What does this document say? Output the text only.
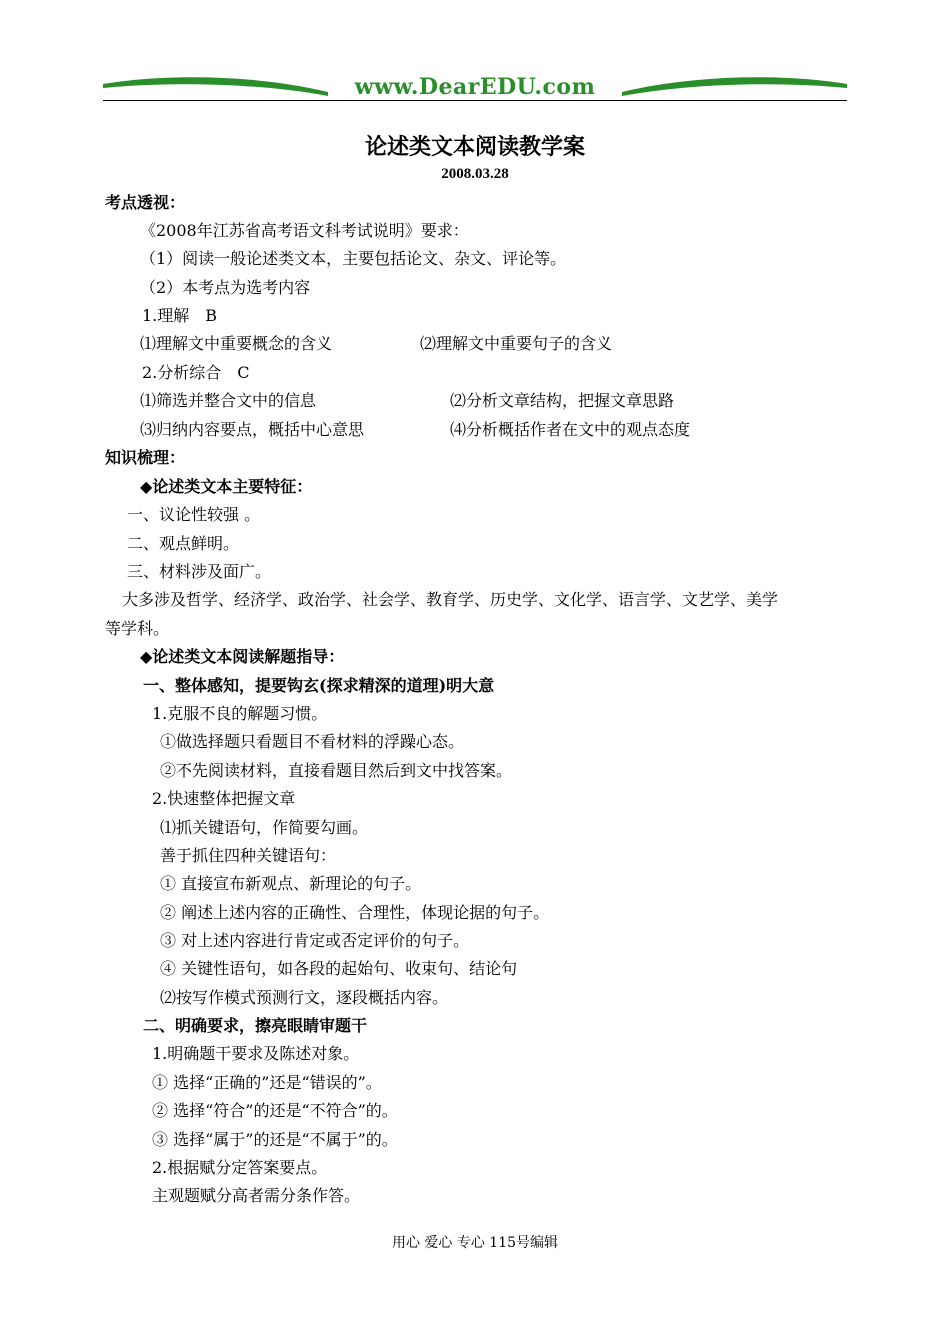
www.DearEDU.com
论述类文本阅读教学案
2008.03.28
考点透视：
《2008年江苏省高考语文科考试说明》要求：
（1）阅读一般论述类文本，主要包括论文、杂文、评论等。
（2）本考点为选考内容
1.理解　B
⑴理解文中重要概念的含义	⑵理解文中重要句子的含义
2.分析综合　C
⑴筛选并整合文中的信息	⑵分析文章结构，把握文章思路
⑶归纳内容要点，概括中心意思	⑷分析概括作者在文中的观点态度
知识梳理：
◆论述类文本主要特征：
一、议论性较强 。
二、观点鲜明。
三、材料涉及面广。
大多涉及哲学、经济学、政治学、社会学、教育学、历史学、文化学、语言学、文艺学、美学
等学科。
◆论述类文本阅读解题指导：
一、整体感知，提要钩玄(探求精深的道理)明大意
1.克服不良的解题习惯。
①做选择题只看题目不看材料的浮躁心态。
②不先阅读材料，直接看题目然后到文中找答案。
2.快速整体把握文章
⑴抓关键语句，作简要勾画。
善于抓住四种关键语句：
① 直接宣布新观点、新理论的句子。
② 阐述上述内容的正确性、合理性，体现论据的句子。
③ 对上述内容进行肯定或否定评价的句子。
④ 关键性语句，如各段的起始句、收束句、结论句
⑵按写作模式预测行文，逐段概括内容。
二、明确要求，擦亮眼睛审题干
1.明确题干要求及陈述对象。
① 选择“正确的”还是“错误的”。
② 选择“符合”的还是“不符合”的。
③ 选择“属于”的还是“不属于”的。
2.根据赋分定答案要点。
主观题赋分高者需分条作答。
用心 爱心 专心 115号编辑
